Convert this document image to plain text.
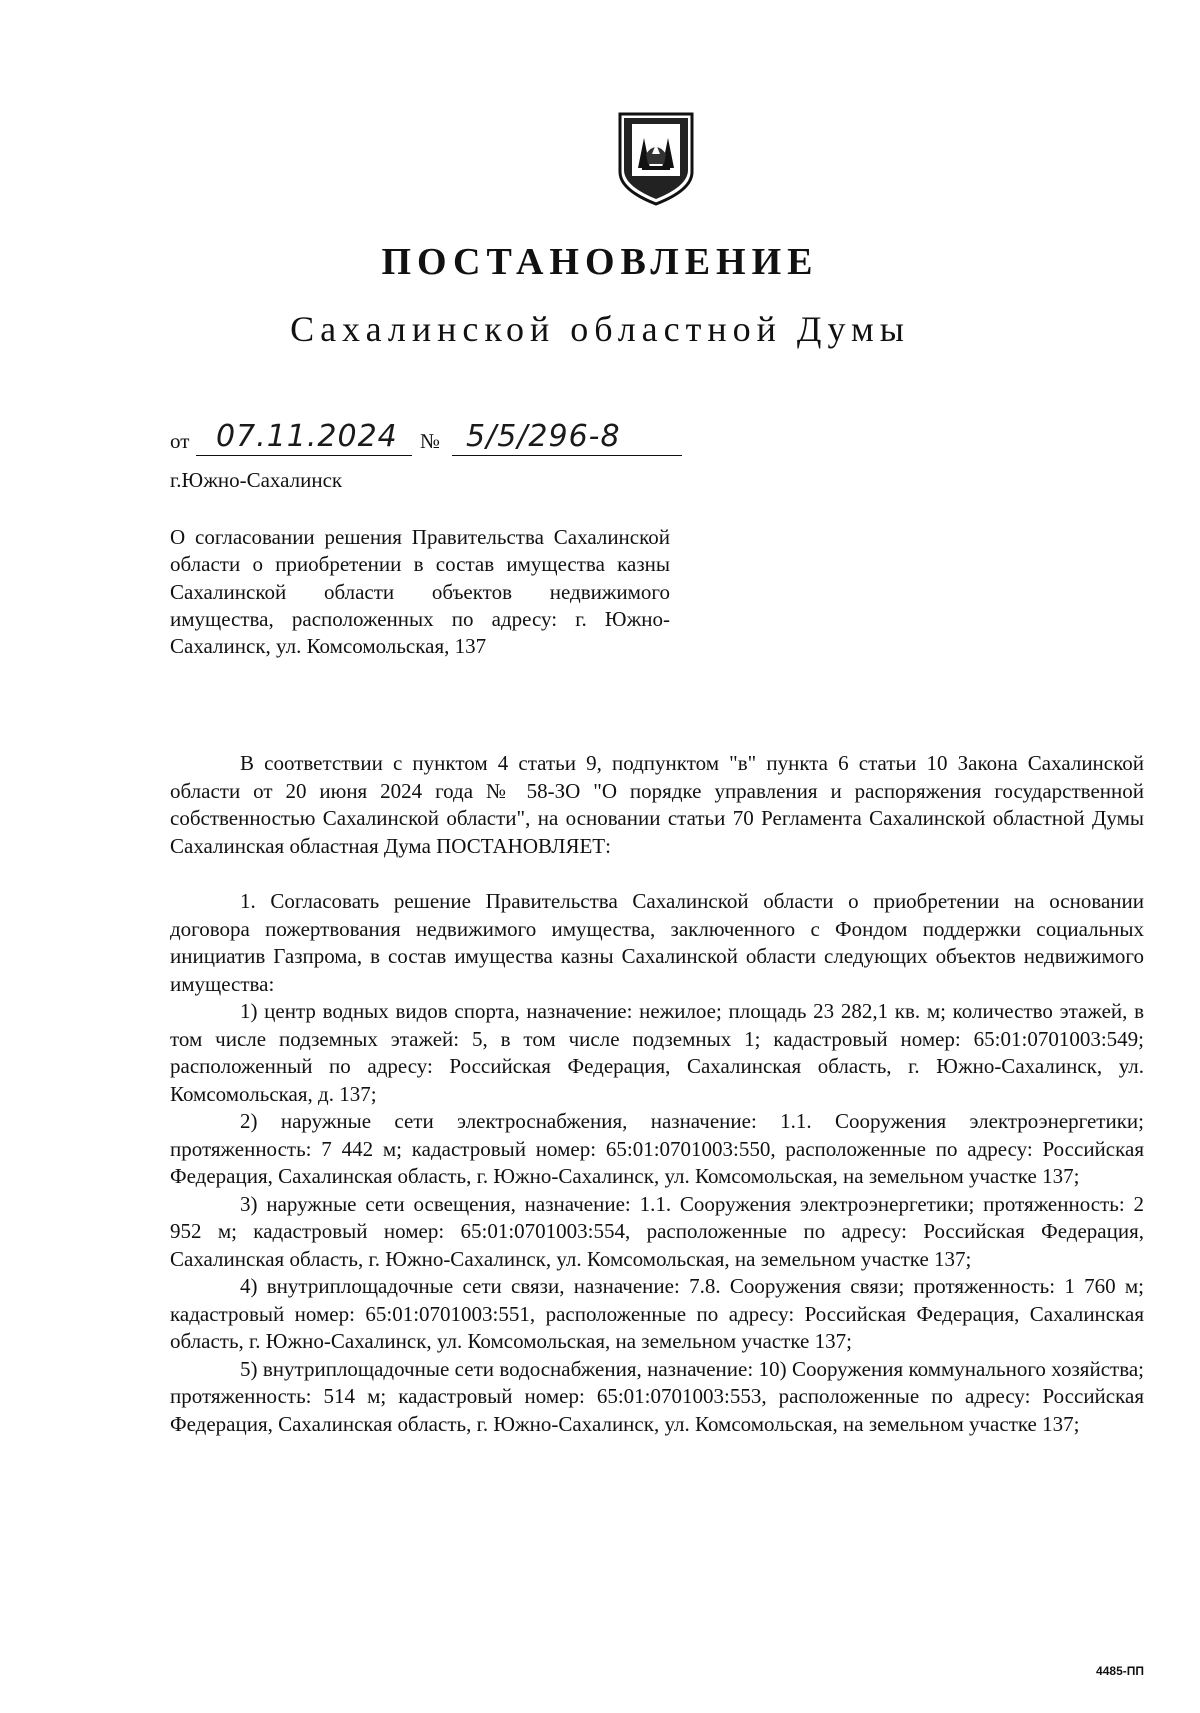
ПОСТАНОВЛЕНИЕ
Сахалинской областной Думы
от 07.11.2024 № 5/5/296-8
г.Южно-Сахалинск
О согласовании решения Правительства Сахалинской области о приобретении в состав имущества казны Сахалинской области объектов недвижимого имущества, расположенных по адресу: г. Южно-Сахалинск, ул. Комсомольская, 137

В соответствии с пунктом 4 статьи 9, подпунктом "в" пункта 6 статьи 10 Закона Сахалинской области от 20 июня 2024 года № 58-ЗО "О порядке управления и распоряжения государственной собственностью Сахалинской области", на основании статьи 70 Регламента Сахалинской областной Думы Сахалинская областная Дума ПОСТАНОВЛЯЕТ:

1. Согласовать решение Правительства Сахалинской области о приобретении на основании договора пожертвования недвижимого имущества, заключенного с Фондом поддержки социальных инициатив Газпрома, в состав имущества казны Сахалинской области следующих объектов недвижимого имущества:

1) центр водных видов спорта, назначение: нежилое; площадь 23 282,1 кв. м; количество этажей, в том числе подземных этажей: 5, в том числе подземных 1; кадастровый номер: 65:01:0701003:549; расположенный по адресу: Российская Федерация, Сахалинская область, г. Южно-Сахалинск, ул. Комсомольская, д. 137;

2) наружные сети электроснабжения, назначение: 1.1. Сооружения электроэнергетики; протяженность: 7 442 м; кадастровый номер: 65:01:0701003:550, расположенные по адресу: Российская Федерация, Сахалинская область, г. Южно-Сахалинск, ул. Комсомольская, на земельном участке 137;

3) наружные сети освещения, назначение: 1.1. Сооружения электроэнергетики; протяженность: 2 952 м; кадастровый номер: 65:01:0701003:554, расположенные по адресу: Российская Федерация, Сахалинская область, г. Южно-Сахалинск, ул. Комсомольская, на земельном участке 137;

4) внутриплощадочные сети связи, назначение: 7.8. Сооружения связи; протяженность: 1 760 м; кадастровый номер: 65:01:0701003:551, расположенные по адресу: Российская Федерация, Сахалинская область, г. Южно-Сахалинск, ул. Комсомольская, на земельном участке 137;

5) внутриплощадочные сети водоснабжения, назначение: 10) Сооружения коммунального хозяйства; протяженность: 514 м; кадастровый номер: 65:01:0701003:553, расположенные по адресу: Российская Федерация, Сахалинская область, г. Южно-Сахалинск, ул. Комсомольская, на земельном участке 137;

4485-ПП
